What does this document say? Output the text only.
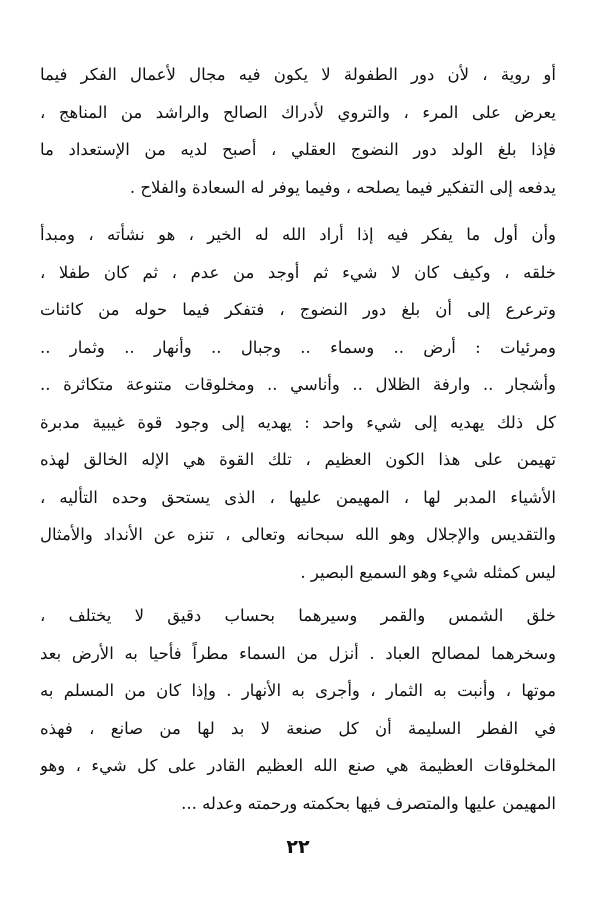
أو روية ، لأن دور الطفولة لا يكون فيه مجال لأعمال الفكر فيما
يعرض على المرء ، والتروي لأدراك الصالح والراشد من المناهج ،
فإذا بلغ الولد دور النضوج العقلي ، أصبح لديه من الإستعداد ما
يدفعه إلى التفكير فيما يصلحه ، وفيما يوفر له السعادة والفلاح .
وأن أول ما يفكر فيه إذا أراد الله له الخير ، هو نشأته ، ومبدأ
خلقه ، وكيف كان لا شيء ثم أوجد من عدم ، ثم كان طفلا ،
وترعرع إلى أن بلغ دور النضوج ، فتفكر فيما حوله من كائنات
ومرئيات : أرض .. وسماء .. وجبال .. وأنهار .. وثمار ..
وأشجار .. وارفة الظلال .. وأناسي .. ومخلوقات متنوعة متكاثرة ..
كل ذلك يهديه إلى شيء واحد : يهديه إلى وجود قوة غيبية مدبرة
تهيمن على هذا الكون العظيم ، تلك القوة هي الإله الخالق لهذه
الأشياء المدبر لها ، المهيمن عليها ، الذى يستحق وحده التأليه ،
والتقديس والإجلال وهو الله سبحانه وتعالى ، تنزه عن الأنداد والأمثال
ليس كمثله شيء وهو السميع البصير .
خلق الشمس والقمر وسيرهما بحساب دقيق لا يختلف ،
وسخرهما لمصالح العباد . أنزل من السماء مطراً فأحيا به الأرض بعد
موتها ، وأنبت به الثمار ، وأجرى به الأنهار . وإذا كان من المسلم به
في الفطر السليمة أن كل صنعة لا بد لها من صانع ، فهذه
المخلوقات العظيمة هي صنع الله العظيم القادر على كل شيء ، وهو
المهيمن عليها والمتصرف فيها بحكمته ورحمته وعدله ...
٢٢
